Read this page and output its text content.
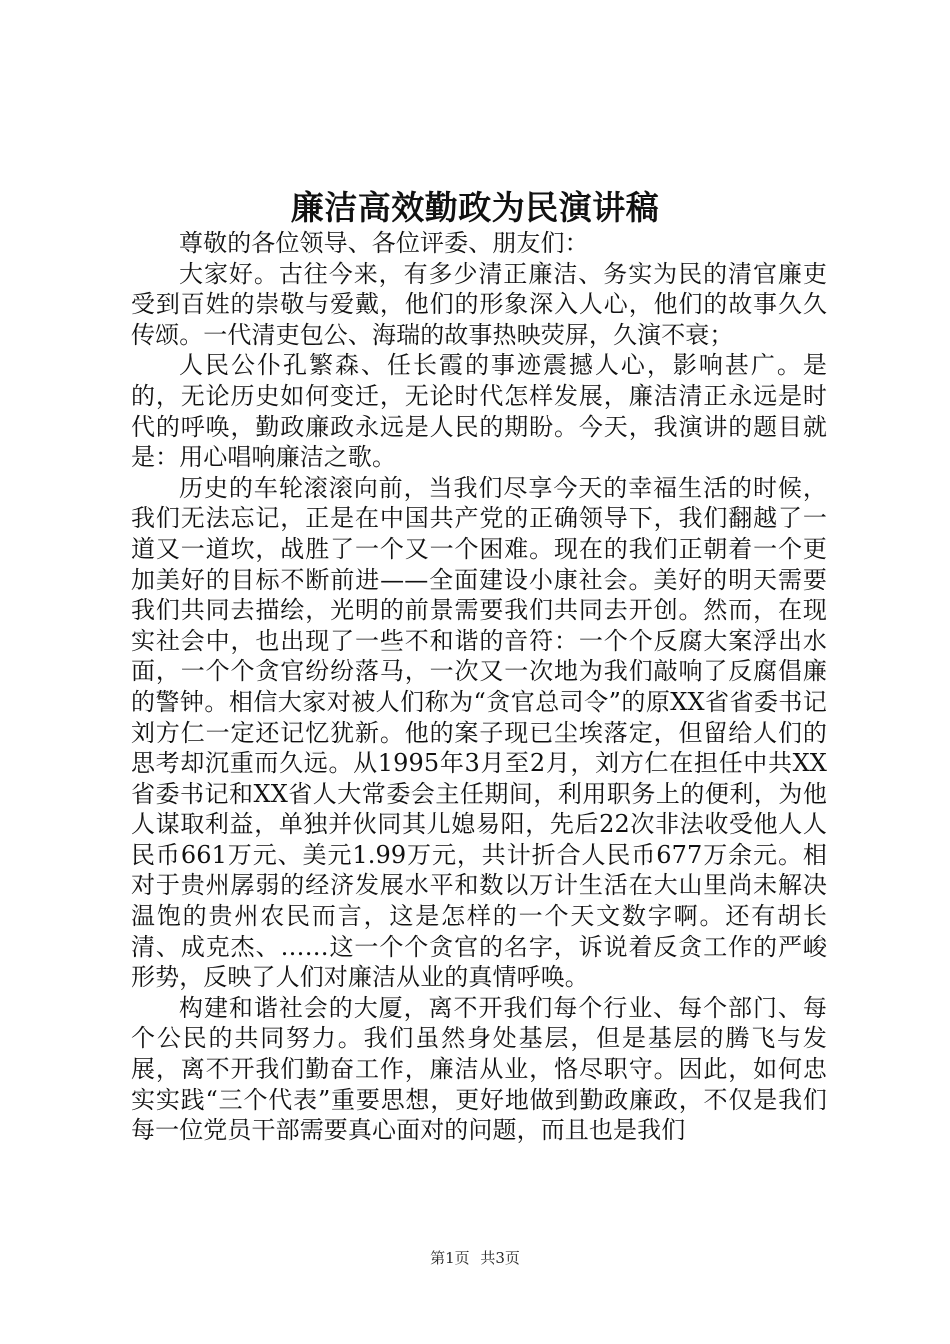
廉洁高效勤政为民演讲稿

尊敬的各位领导、各位评委、朋友们：

大家好。古往今来，有多少清正廉洁、务实为民的清官廉吏受到百姓的崇敬与爱戴，他们的形象深入人心，他们的故事久久传颂。一代清吏包公、海瑞的故事热映荧屏，久演不衰；

人民公仆孔繁森、任长霞的事迹震撼人心，影响甚广。是的，无论历史如何变迁，无论时代怎样发展，廉洁清正永远是时代的呼唤，勤政廉政永远是人民的期盼。今天，我演讲的题目就是：用心唱响廉洁之歌。

历史的车轮滚滚向前，当我们尽享今天的幸福生活的时候，我们无法忘记，正是在中国共产党的正确领导下，我们翻越了一道又一道坎，战胜了一个又一个困难。现在的我们正朝着一个更加美好的目标不断前进——全面建设小康社会。美好的明天需要我们共同去描绘，光明的前景需要我们共同去开创。然而，在现实社会中，也出现了一些不和谐的音符：一个个反腐大案浮出水面，一个个贪官纷纷落马，一次又一次地为我们敲响了反腐倡廉的警钟。相信大家对被人们称为“贪官总司令”的原XX省省委书记刘方仁一定还记忆犹新。他的案子现已尘埃落定，但留给人们的思考却沉重而久远。从1995年3月至2月，刘方仁在担任中共XX省委书记和XX省人大常委会主任期间，利用职务上的便利，为他人谋取利益，单独并伙同其儿媳易阳，先后22次非法收受他人人民币661万元、美元1.99万元，共计折合人民币677万余元。相对于贵州孱弱的经济发展水平和数以万计生活在大山里尚未解决温饱的贵州农民而言，这是怎样的一个天文数字啊。还有胡长清、成克杰、……这一个个贪官的名字，诉说着反贪工作的严峻形势，反映了人们对廉洁从业的真情呼唤。

构建和谐社会的大厦，离不开我们每个行业、每个部门、每个公民的共同努力。我们虽然身处基层，但是基层的腾飞与发展，离不开我们勤奋工作，廉洁从业，恪尽职守。因此，如何忠实实践“三个代表”重要思想，更好地做到勤政廉政，不仅是我们每一位党员干部需要真心面对的问题，而且也是我们

第1页 共3页
